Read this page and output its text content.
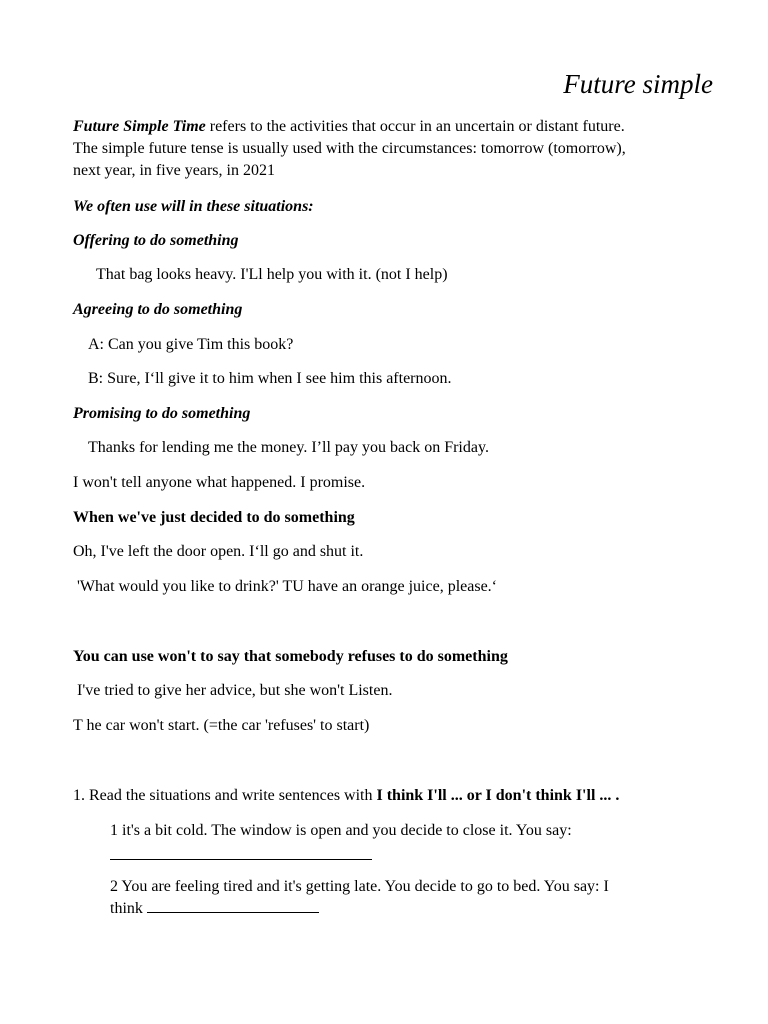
Future simple
Future Simple Time refers to the activities that occur in an uncertain or distant future.
The simple future tense is usually used with the circumstances: tomorrow (tomorrow),
next year, in five years, in 2021
We often use will in these situations:
Offering to do something
That bag looks heavy. I'Ll help you with it. (not I help)
Agreeing to do something
A: Can you give Tim this book?
B: Sure, I‘ll give it to him when I see him this afternoon.
Promising to do something
Thanks for lending me the money. I’ll pay you back on Friday.
I won't tell anyone what happened. I promise.
When we've just decided to do something
Oh, I've left the door open. I‘ll go and shut it.
'What would you like to drink?' TU have an orange juice, please.‘
You can use won't to say that somebody refuses to do something
I've tried to give her advice, but she won't Listen.
T he car won't start. (=the car 'refuses' to start)
1. Read the situations and write sentences with I think I'll ... or I don't think I'll ... .
1 it's a bit cold. The window is open and you decide to close it. You say:
2 You are feeling tired and it's getting late. You decide to go to bed. You say: I
think
